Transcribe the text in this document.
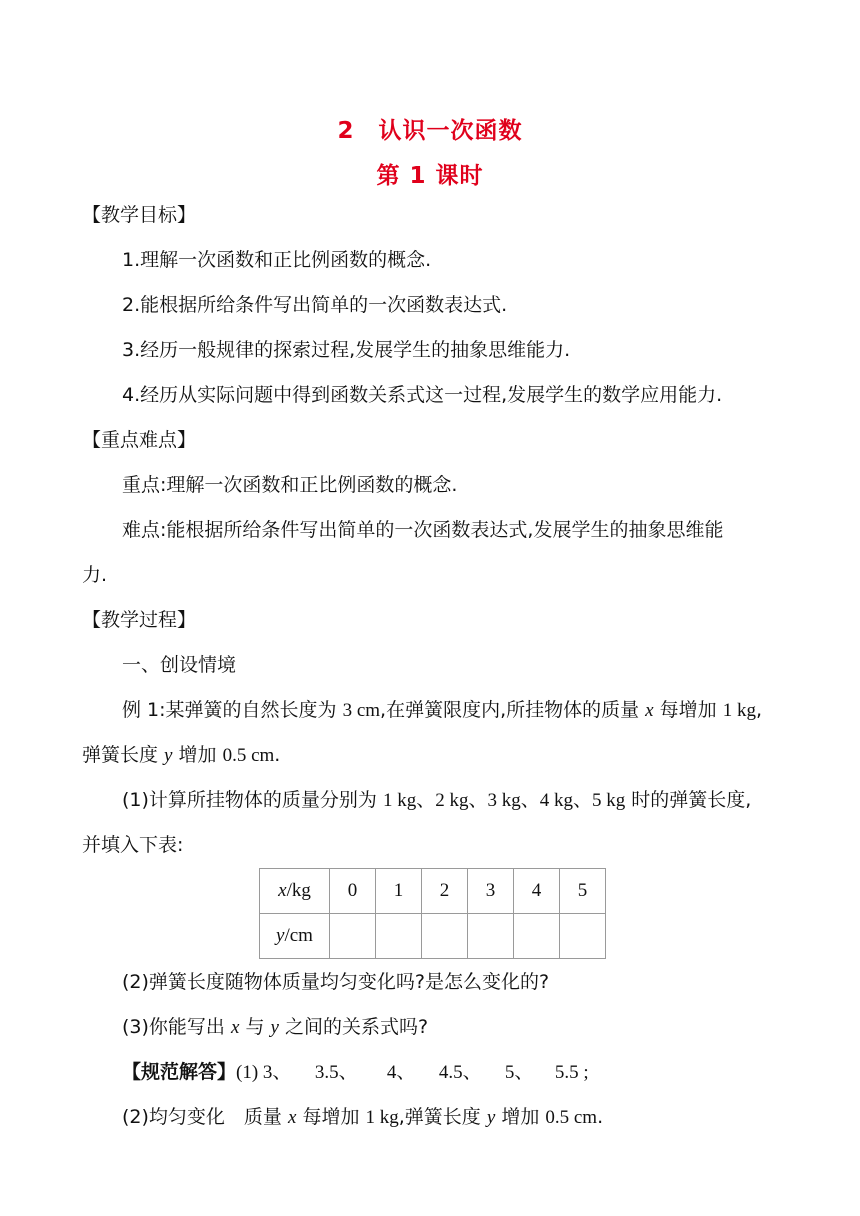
2　认识一次函数
第 1 课时
【教学目标】
1.理解一次函数和正比例函数的概念.
2.能根据所给条件写出简单的一次函数表达式.
3.经历一般规律的探索过程,发展学生的抽象思维能力.
4.经历从实际问题中得到函数关系式这一过程,发展学生的数学应用能力.
【重点难点】
重点:理解一次函数和正比例函数的概念.
难点:能根据所给条件写出简单的一次函数表达式,发展学生的抽象思维能
力.
【教学过程】
一、创设情境
例 1:某弹簧的自然长度为 3 cm,在弹簧限度内,所挂物体的质量 x 每增加 1 kg,
弹簧长度 y 增加 0.5 cm.
(1)计算所挂物体的质量分别为 1 kg、2 kg、3 kg、4 kg、5 kg 时的弹簧长度,
并填入下表:
x/kg	0	1	2	3	4	5
y/cm						
(2)弹簧长度随物体质量均匀变化吗?是怎么变化的?
(3)你能写出 x 与 y 之间的关系式吗?
【规范解答】(1) 3、 3.5、 4、 4.5、 5、 5.5 ;
(2)均匀变化　质量 x 每增加 1 kg,弹簧长度 y 增加 0.5 cm.
